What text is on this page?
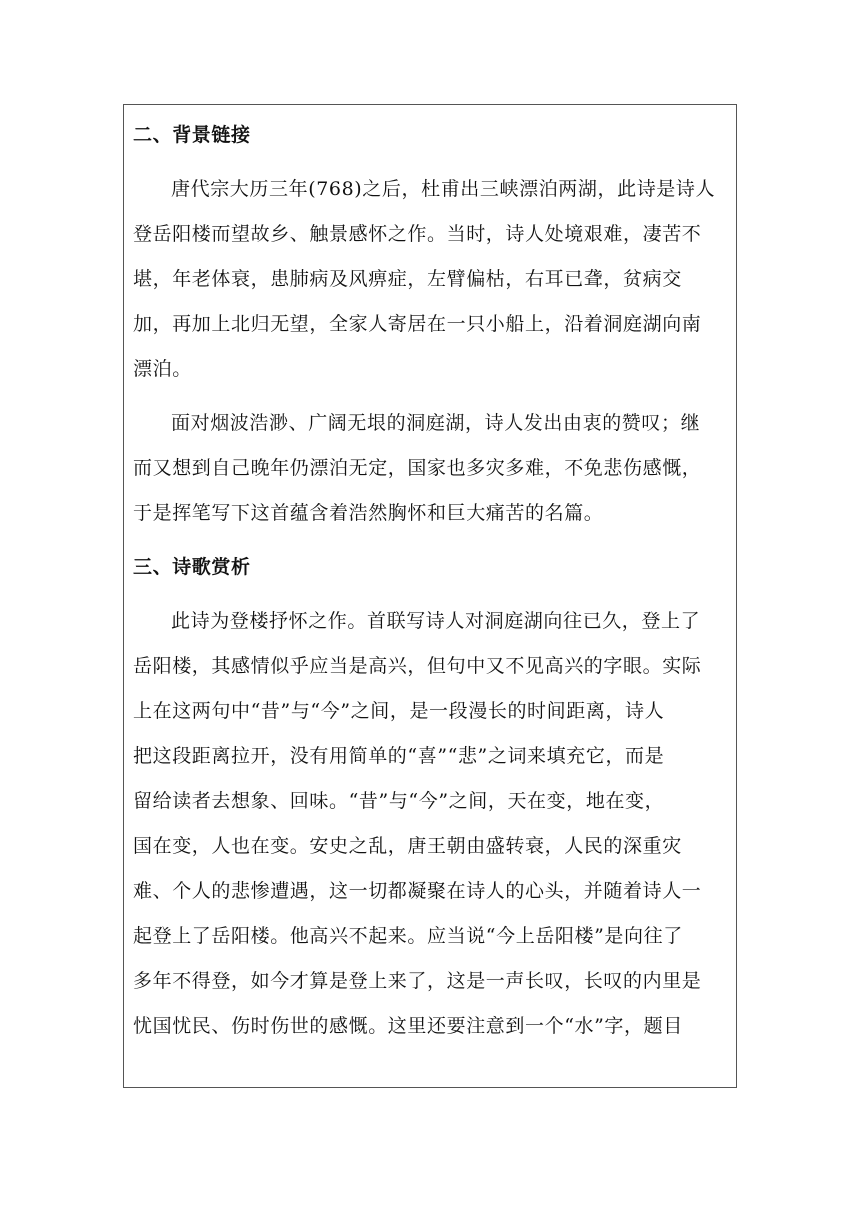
二、背景链接
唐代宗大历三年(768)之后，杜甫出三峡漂泊两湖，此诗是诗人
登岳阳楼而望故乡、触景感怀之作。当时，诗人处境艰难，凄苦不
堪，年老体衰，患肺病及风痹症，左臂偏枯，右耳已聋，贫病交
加，再加上北归无望，全家人寄居在一只小船上，沿着洞庭湖向南
漂泊。
面对烟波浩渺、广阔无垠的洞庭湖，诗人发出由衷的赞叹；继
而又想到自己晚年仍漂泊无定，国家也多灾多难，不免悲伤感慨，
于是挥笔写下这首蕴含着浩然胸怀和巨大痛苦的名篇。
三、诗歌赏析
此诗为登楼抒怀之作。首联写诗人对洞庭湖向往已久，登上了
岳阳楼，其感情似乎应当是高兴，但句中又不见高兴的字眼。实际
上在这两句中“昔”与“今”之间，是一段漫长的时间距离，诗人
把这段距离拉开，没有用简单的“喜”“悲”之词来填充它，而是
留给读者去想象、回味。“昔”与“今”之间，天在变，地在变，
国在变，人也在变。安史之乱，唐王朝由盛转衰，人民的深重灾
难、个人的悲惨遭遇，这一切都凝聚在诗人的心头，并随着诗人一
起登上了岳阳楼。他高兴不起来。应当说“今上岳阳楼”是向往了
多年不得登，如今才算是登上来了，这是一声长叹，长叹的内里是
忧国忧民、伤时伤世的感慨。这里还要注意到一个“水”字，题目
